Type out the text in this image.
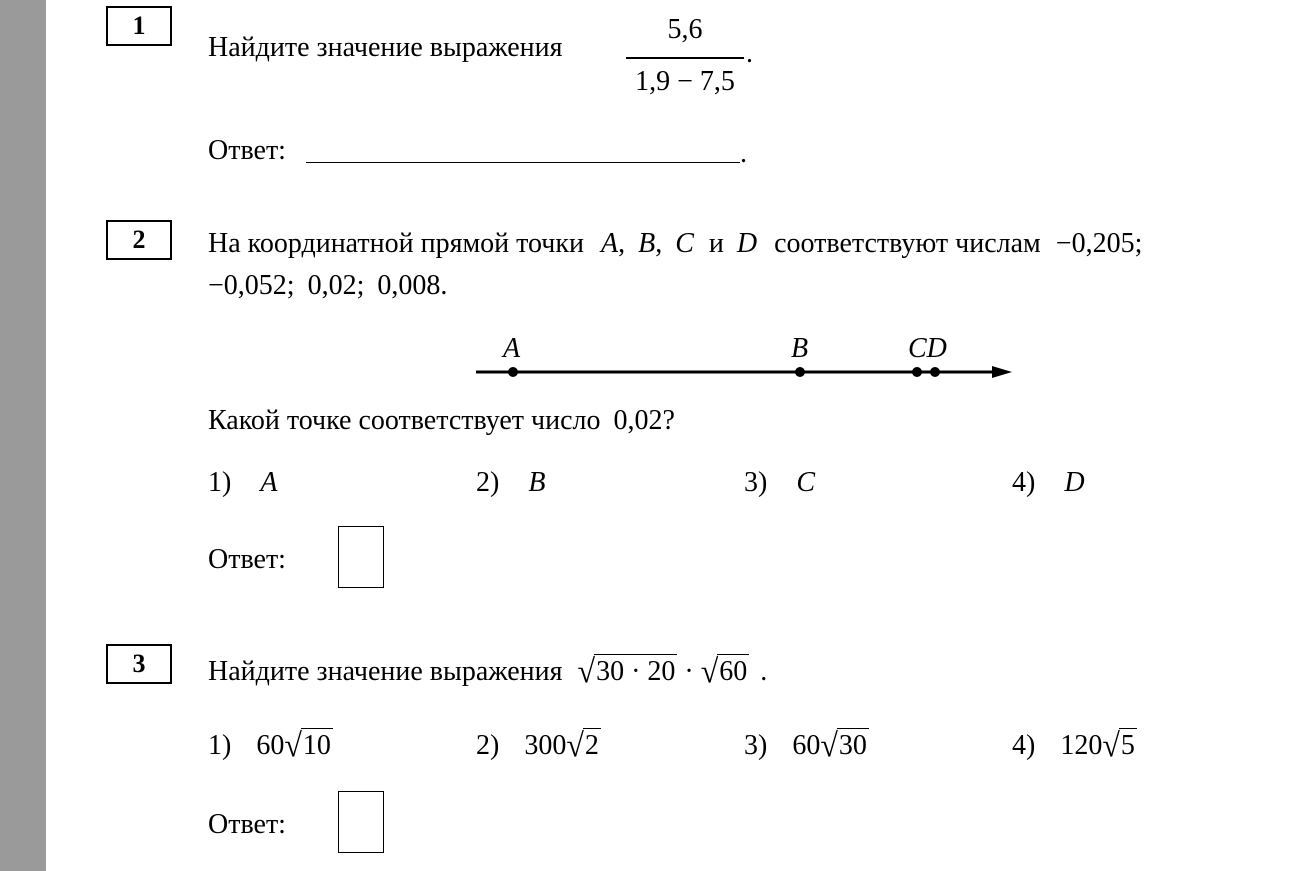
1
Найдите значение выражения
5,6
1,9 − 7,5
.
Ответ:	.
2 На координатной прямой точки A, B, C и D соответствуют числам −0,205;
−0,052; 0,02; 0,008.
A	B	CD
Какой точке соответствует число 0,02?
1) A	2) B	3) C	4) D
Ответ:
3 Найдите значение выражения √30 · 20 · √60 .
1) 60√10	2) 300√2	3) 60√30	4) 120√5
Ответ:
